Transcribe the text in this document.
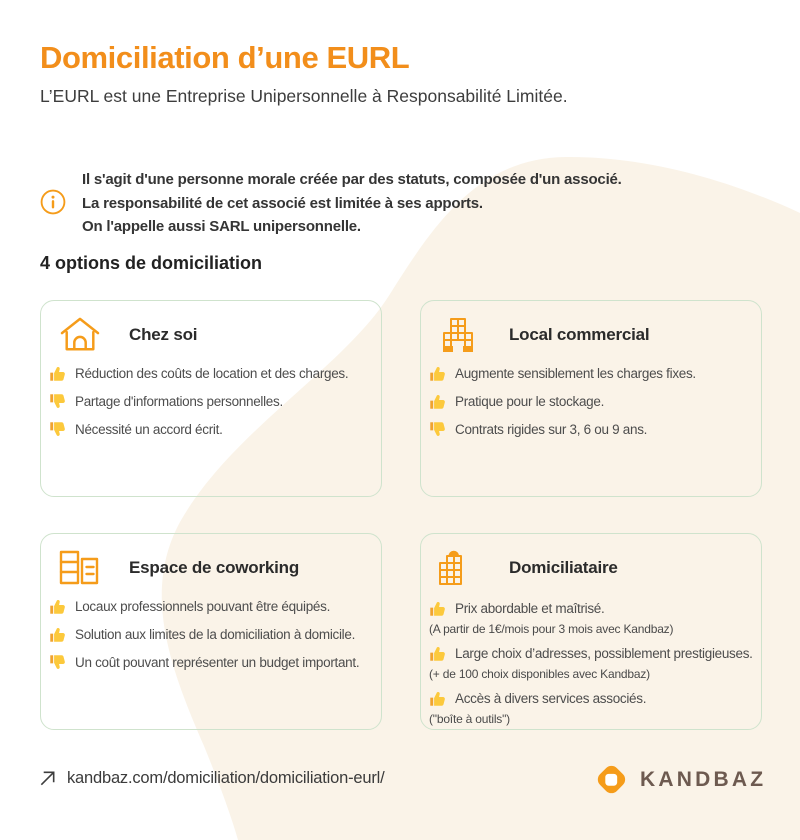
Domiciliation d’une EURL

L’EURL est une Entreprise Unipersonnelle à Responsabilité Limitée.

Il s'agit d'une personne morale créée par des statuts, composée d'un associé.

La responsabilité de cet associé est limitée à ses apports.

On l'appelle aussi SARL unipersonnelle.

4 options de domiciliation
Chez soi
Réduction des coûts de location et des charges.
Partage d'informations personnelles.
Nécessité un accord écrit.
Local commercial
Augmente sensiblement les charges fixes.
Pratique pour le stockage.
Contrats rigides sur 3, 6 ou 9 ans.
Espace de coworking
Locaux professionnels pouvant être équipés.
Solution aux limites de la domiciliation à domicile.
Un coût pouvant représenter un budget important.
Domiciliataire
Prix abordable et maîtrisé.

(A partir de 1€/mois pour 3 mois avec Kandbaz)

Large choix d’adresses, possiblement prestigieuses.

(+ de 100 choix disponibles avec Kandbaz)

Accès à divers services associés.

("boîte à outils")

kandbaz.com/domiciliation/domiciliation-eurl/	KANDBAZ
